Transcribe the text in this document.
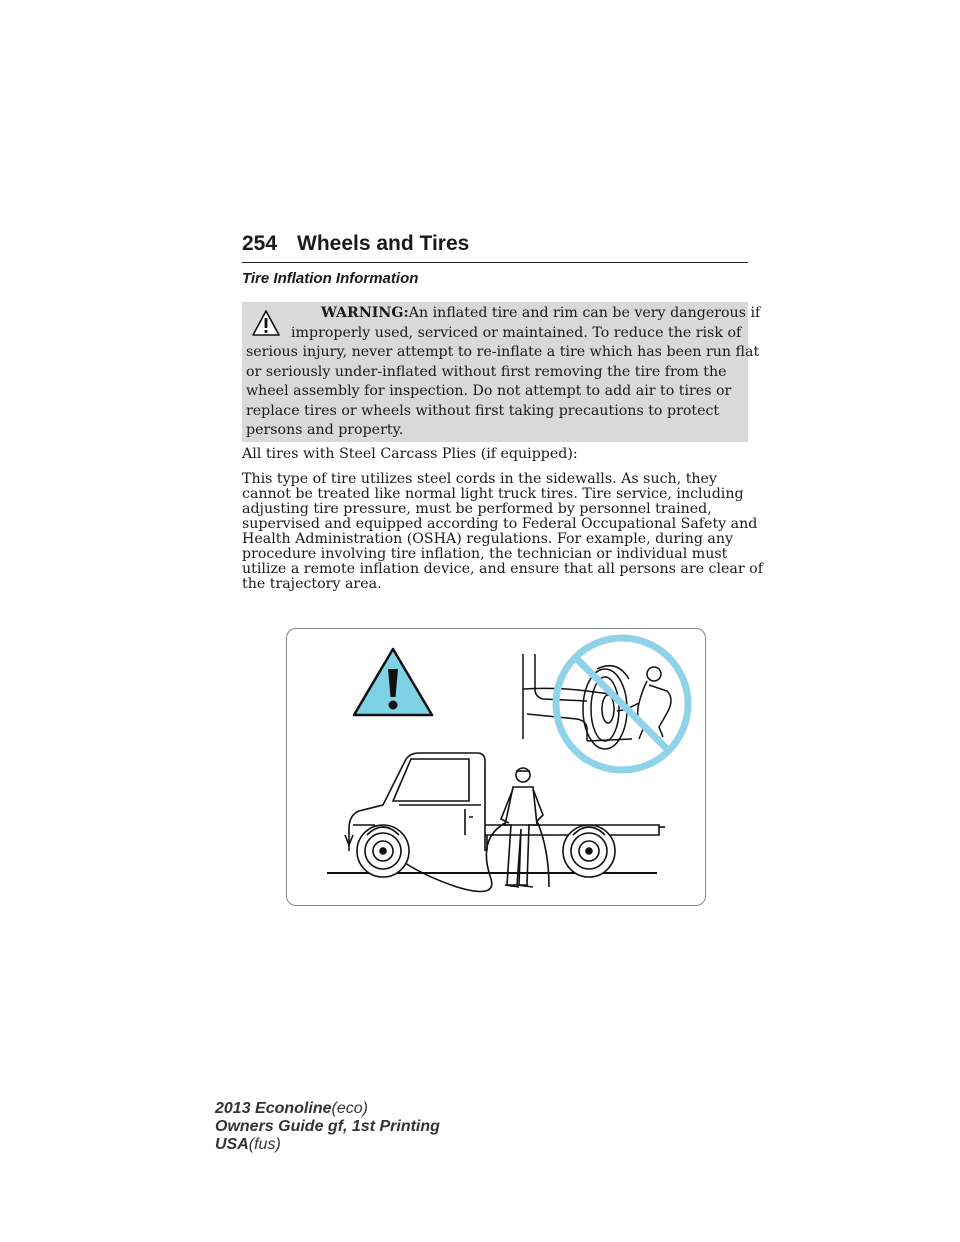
254 Wheels and Tires
Tire Inflation Information
WARNING:An inflated tire and rim can be very dangerous if
improperly used, serviced or maintained. To reduce the risk of
serious injury, never attempt to re-inflate a tire which has been run flat
or seriously under-inflated without first removing the tire from the
wheel assembly for inspection. Do not attempt to add air to tires or
replace tires or wheels without first taking precautions to protect
persons and property.
All tires with Steel Carcass Plies (if equipped):
This type of tire utilizes steel cords in the sidewalls. As such, they
cannot be treated like normal light truck tires. Tire service, including
adjusting tire pressure, must be performed by personnel trained,
supervised and equipped according to Federal Occupational Safety and
Health Administration (OSHA) regulations. For example, during any
procedure involving tire inflation, the technician or individual must
utilize a remote inflation device, and ensure that all persons are clear of
the trajectory area.
2013 Econoline(eco)
Owners Guide gf, 1st Printing
USA(fus)
